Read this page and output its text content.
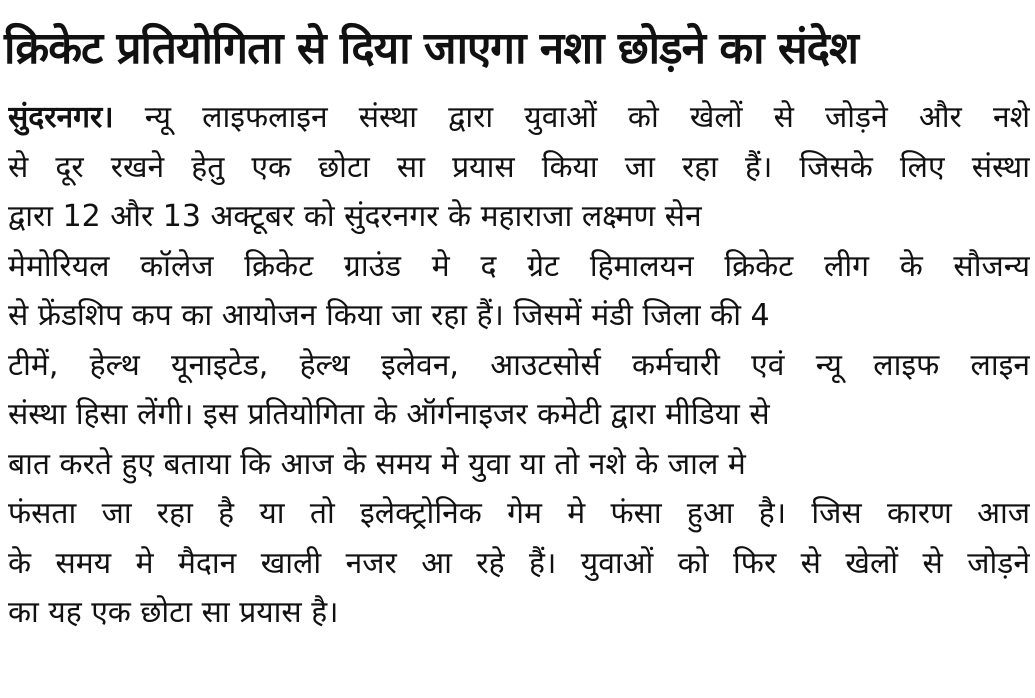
क्रिकेट प्रतियोगिता से दिया जाएगा नशा छोड़ने का संदेश
सुंदरनगर। न्यू लाइफलाइन संस्था द्वारा युवाओं को खेलों से जोड़ने और नशे
से दूर रखने हेतु एक छोटा सा प्रयास किया जा रहा हैं। जिसके लिए संस्था
द्वारा 12 और 13 अक्टूबर को सुंदरनगर के महाराजा लक्ष्मण सेन
मेमोरियल कॉलेज क्रिकेट ग्राउंड मे द ग्रेट हिमालयन क्रिकेट लीग के सौजन्य
से फ्रेंडशिप कप का आयोजन किया जा रहा हैं। जिसमें मंडी जिला की 4
टीमें, हेल्थ यूनाइटेड, हेल्थ इलेवन, आउटसोर्स कर्मचारी एवं न्यू लाइफ लाइन
संस्था हिसा लेंगी। इस प्रतियोगिता के ऑर्गनाइजर कमेटी द्वारा मीडिया से
बात करते हुए बताया कि आज के समय मे युवा या तो नशे के जाल मे
फंसता जा रहा है या तो इलेक्ट्रोनिक गेम मे फंसा हुआ है। जिस कारण आज
के समय मे मैदान खाली नजर आ रहे हैं। युवाओं को फिर से खेलों से जोड़ने
का यह एक छोटा सा प्रयास है।
